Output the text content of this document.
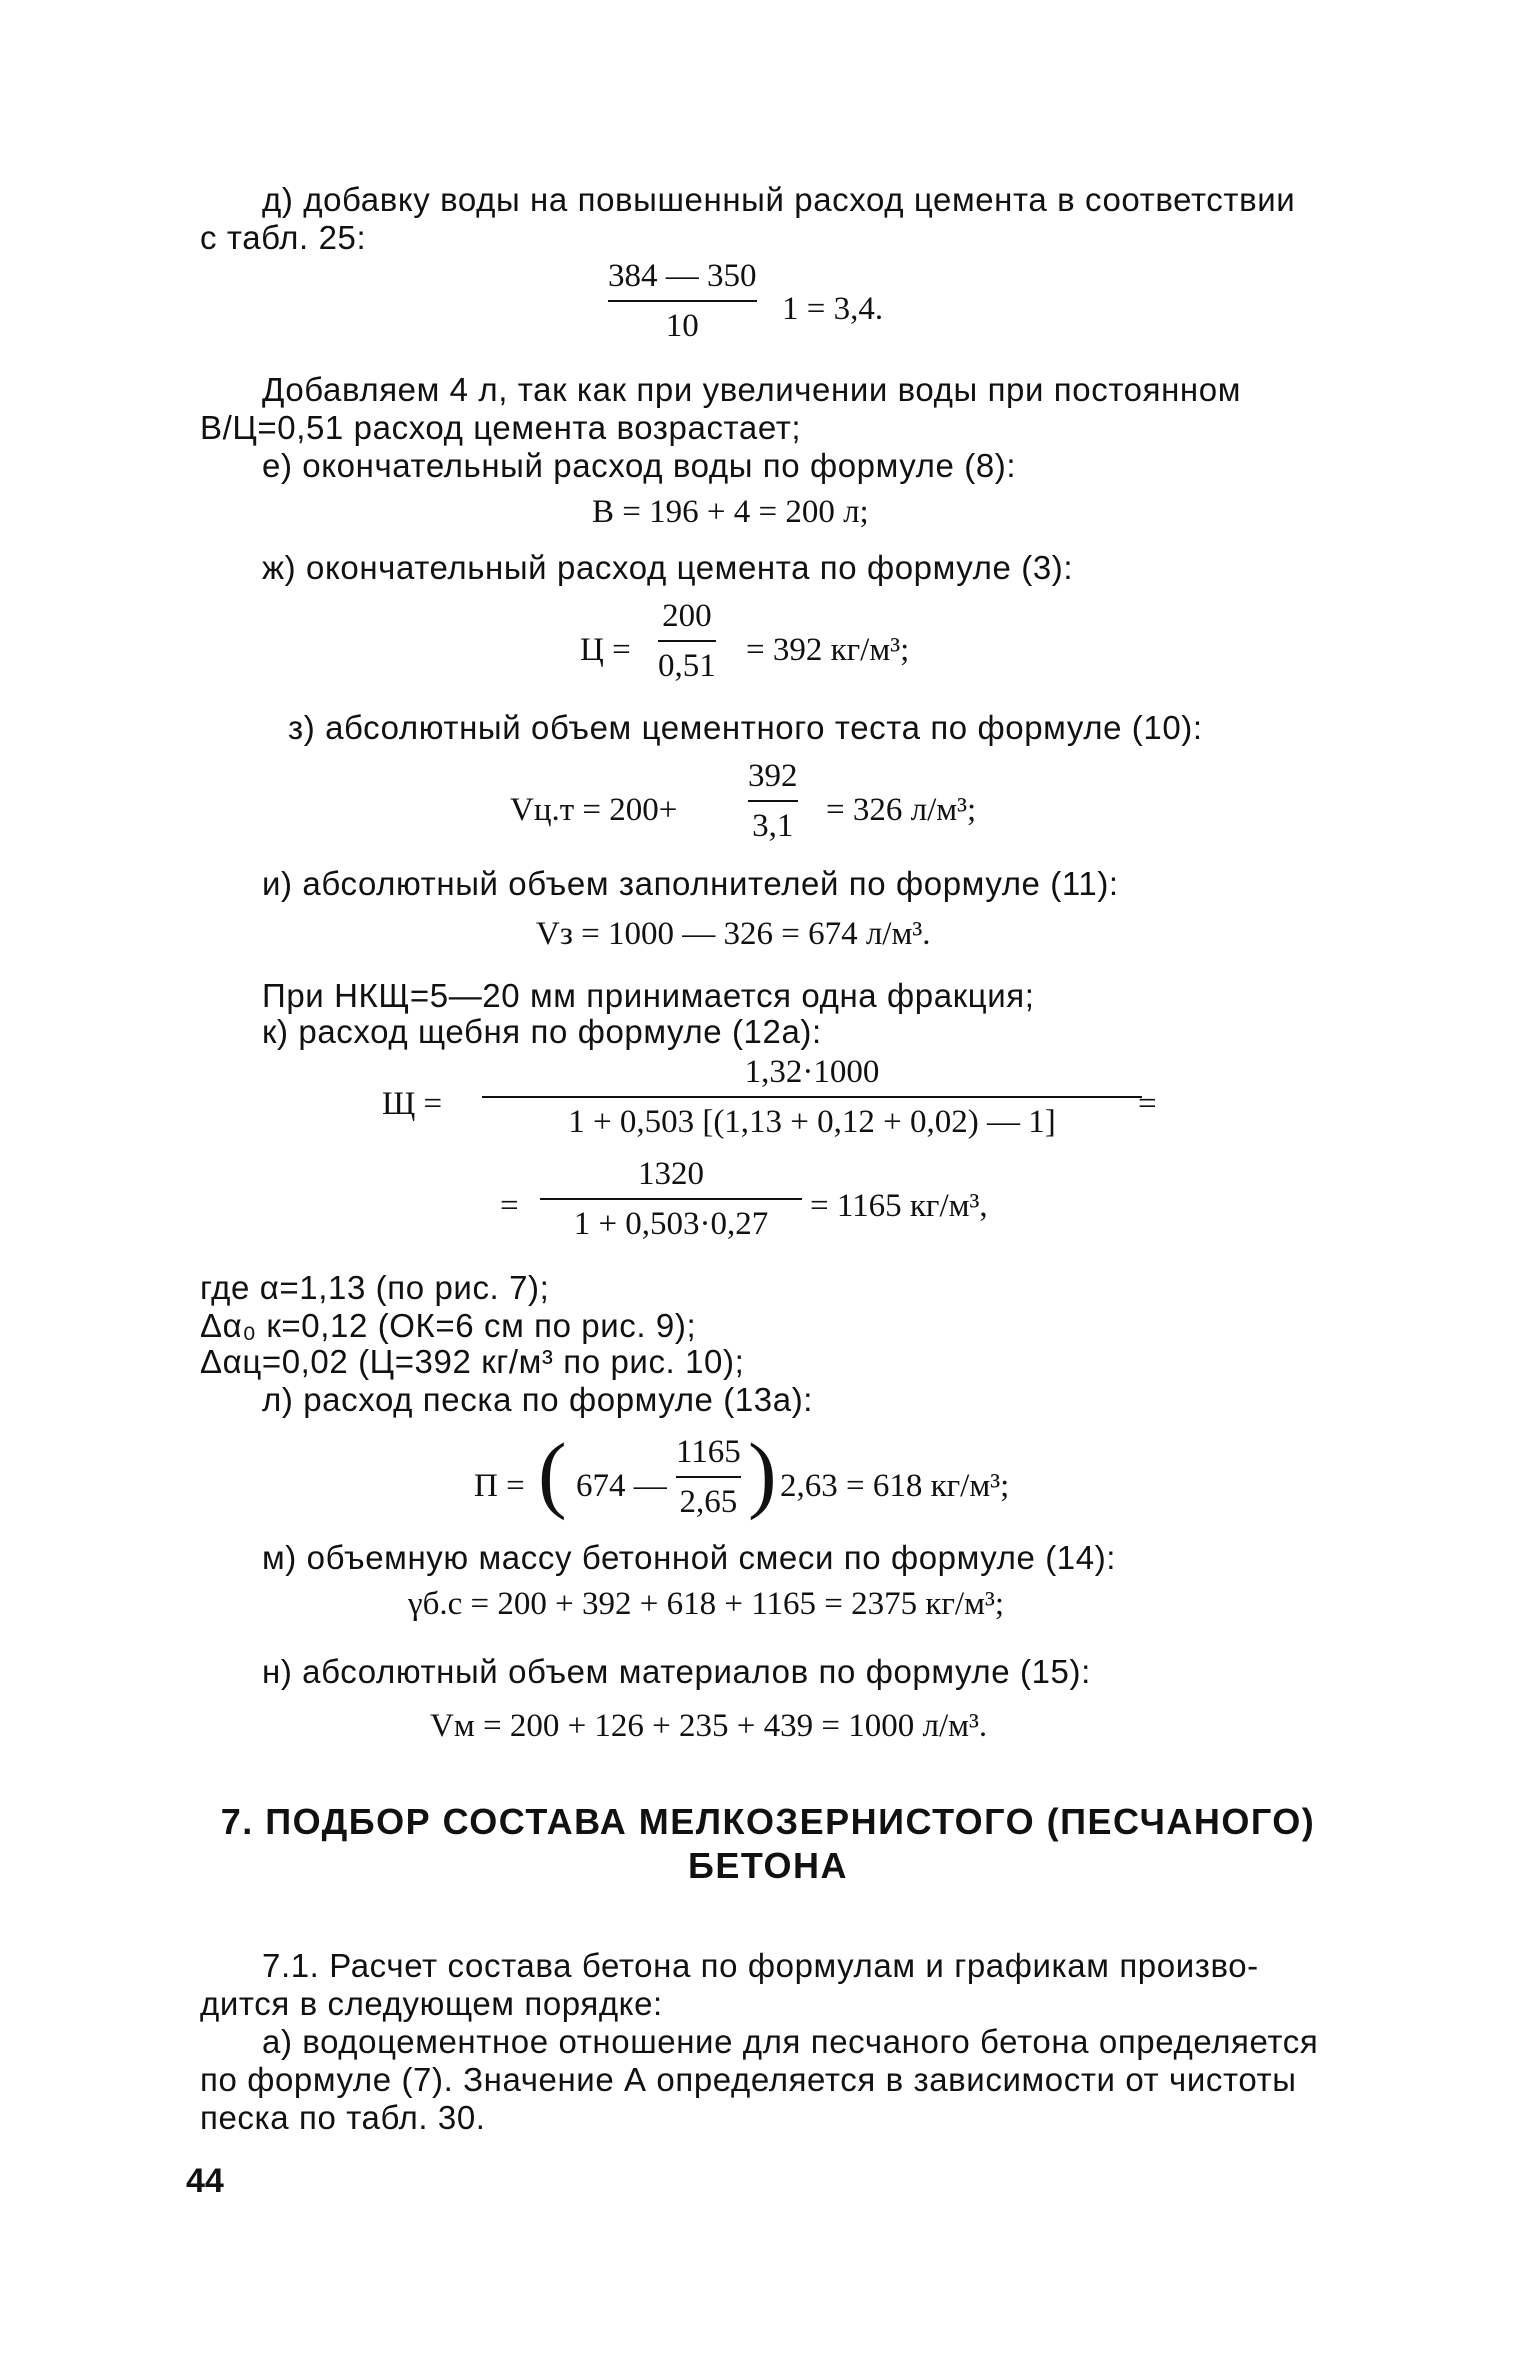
д) добавку воды на повышенный расход цемента в соответствии
с табл. 25:
384 — 350
10	1 = 3,4.
Добавляем 4 л, так как при увеличении воды при постоянном
В/Ц=0,51 расход цемента возрастает;
е) окончательный расход воды по формуле (8):
В = 196 + 4 = 200 л;
ж) окончательный расход цемента по формуле (3):
Ц =
200
0,51 = 392 кг/м³;
з) абсолютный объем цементного теста по формуле (10):
Vц.т = 200+
392
3,1 = 326 л/м³;
и) абсолютный объем заполнителей по формуле (11):
Vз = 1000 — 326 = 674 л/м³.
При НКЩ=5—20 мм принимается одна фракция;
к) расход щебня по формуле (12а):
Щ =
1,32·1000
1 + 0,503 [(1,13 + 0,12 + 0,02) — 1] =
=
1320
1 + 0,503·0,27 = 1165 кг/м³,
где α=1,13 (по рис. 7);
Δα₀ к=0,12 (ОК=6 см по рис. 9);
Δαц=0,02 (Ц=392 кг/м³ по рис. 10);
л) расход песка по формуле (13а):
П = ( 674 —
1165
2,65 ) 2,63 = 618 кг/м³;
м) объемную массу бетонной смеси по формуле (14):
γб.с = 200 + 392 + 618 + 1165 = 2375 кг/м³;
н) абсолютный объем материалов по формуле (15):
Vм = 200 + 126 + 235 + 439 = 1000 л/м³.
7. ПОДБОР СОСТАВА МЕЛКОЗЕРНИСТОГО (ПЕСЧАНОГО)
БЕТОНА
7.1. Расчет состава бетона по формулам и графикам произво-
дится в следующем порядке:
а) водоцементное отношение для песчаного бетона определяется
по формуле (7). Значение А определяется в зависимости от чистоты
песка по табл. 30.
44
